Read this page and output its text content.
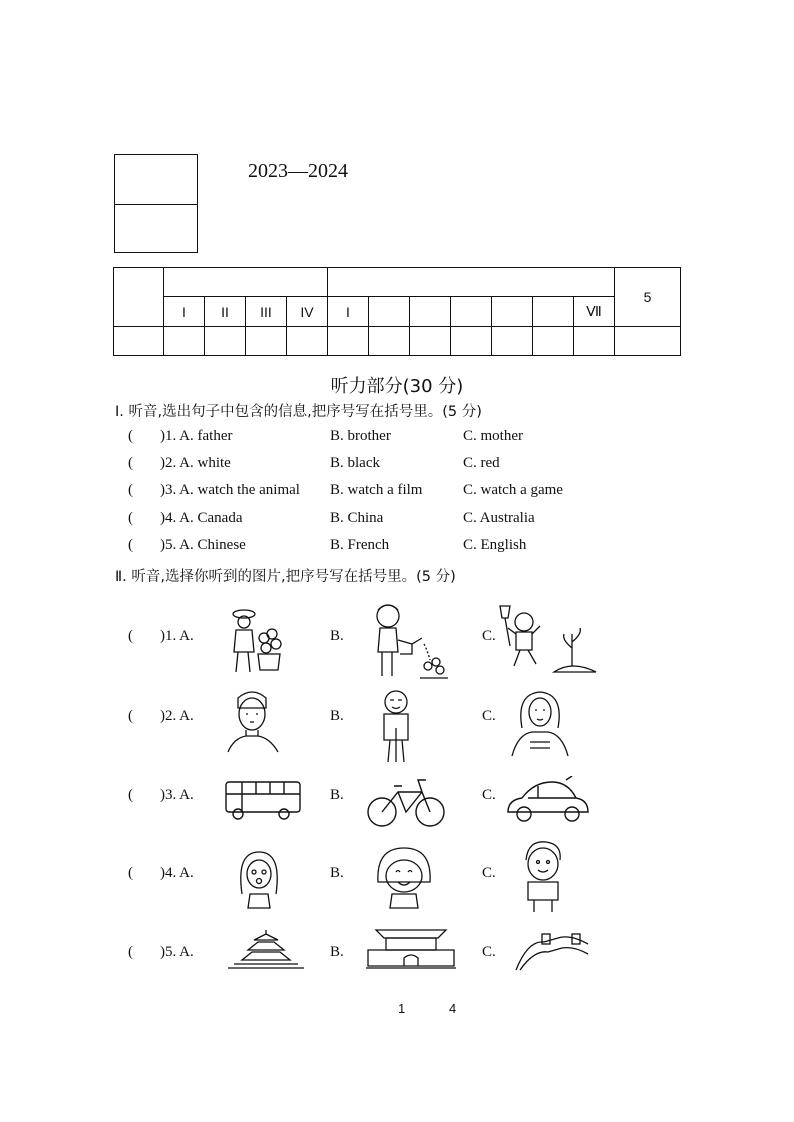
2023—2024
												5
	I	II	III	IV	I						Ⅶ	

听力部分(30 分)
I. 听音,选出句子中包含的信息,把序号写在括号里。(5 分)
( )1. A. father	B. brother	C. mother
( )2. A. white	B. black	C. red
( )3. A. watch the animal B. watch a film	C. watch a game
( )4. A. Canada	B. China	C. Australia
( )5. A. Chinese	B. French	C. English
Ⅱ. 听音,选择你听到的图片,把序号写在括号里。(5 分)
( )1. A.	B.	C.
( )2. A.	B.	C.
( )3. A.	B.	C.
( )4. A.	B.	C.
( )5. A.	B.	C.
1	4
